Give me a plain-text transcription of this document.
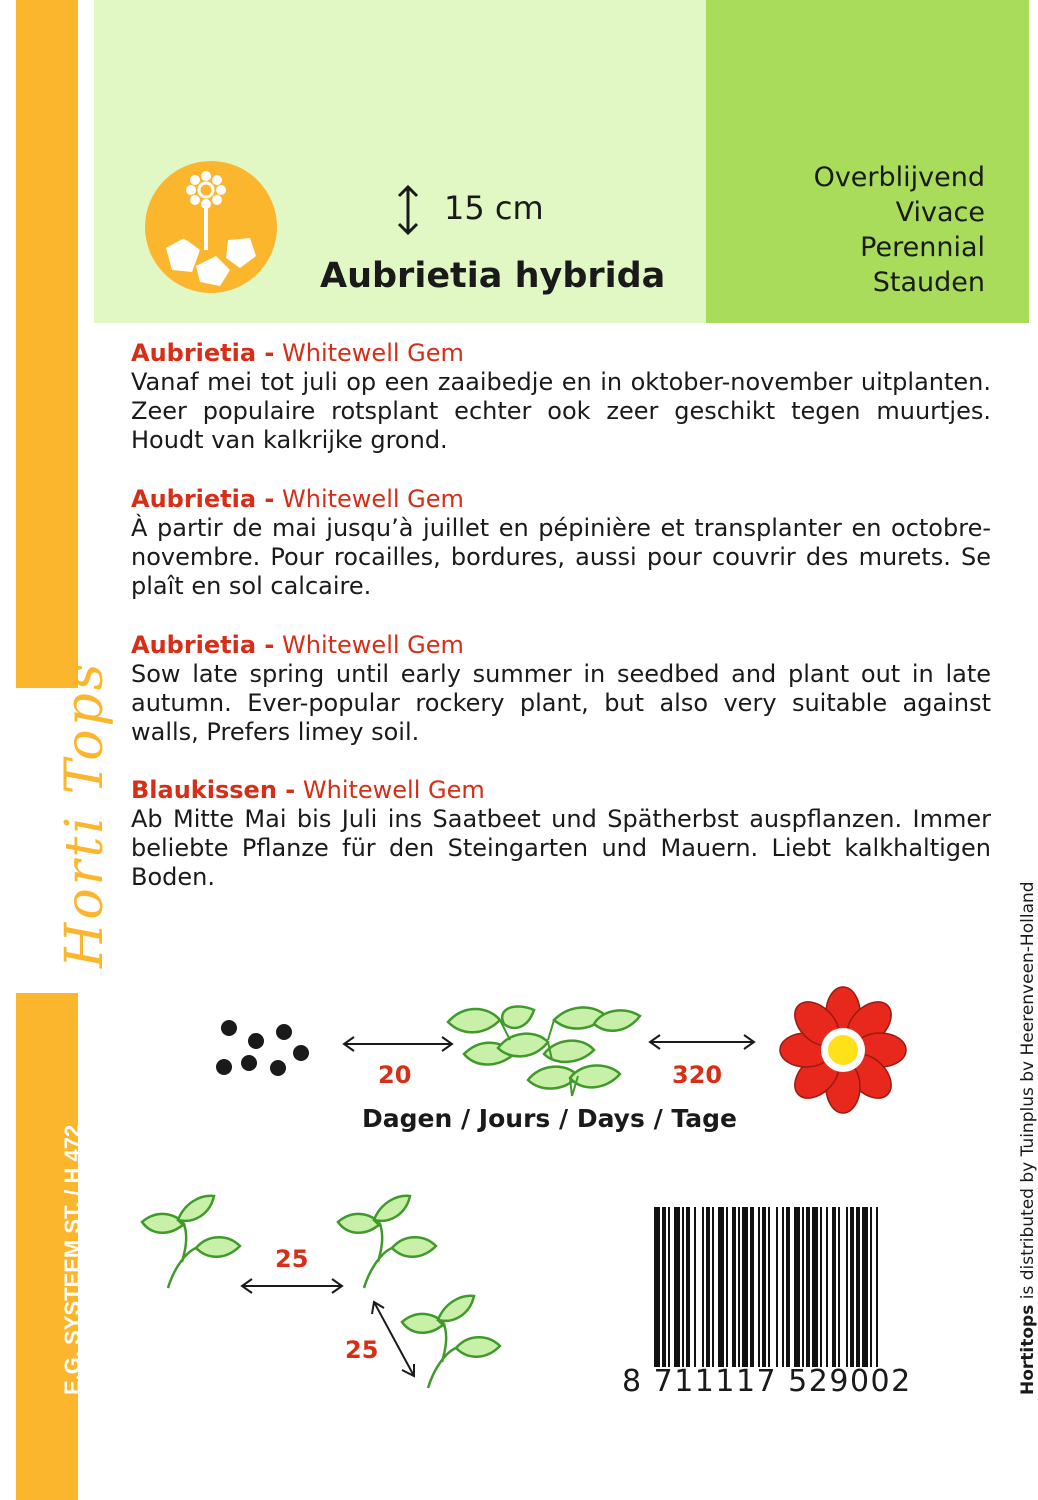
Horti Tops
E.G. SYSTEEM ST. / H 472
Overblijvend
Vivace
Perennial
Stauden
15 cm
Aubrietia hybrida
Aubrietia - Whitewell Gem
Vanaf mei tot juli op een zaaibedje en in oktober-november uitplanten. Zeer populaire rotsplant echter ook zeer geschikt tegen muurtjes. Houdt van kalkrijke grond.
Aubrietia - Whitewell Gem
À partir de mai jusqu’à juillet en pépinière et transplanter en octobre-novembre. Pour rocailles, bordures, aussi pour couvrir des murets. Se plaît en sol calcaire.
Aubrietia - Whitewell Gem
Sow late spring until early summer in seedbed and plant out in late autumn. Ever-popular rockery plant, but also very suitable against walls, Prefers limey soil.
Blaukissen - Whitewell Gem
Ab Mitte Mai bis Juli ins Saatbeet und Spätherbst auspflanzen. Immer beliebte Pflanze für den Steingarten und Mauern. Liebt kalkhaltigen Boden.
20	320
Dagen / Jours / Days / Tage
25
25
8 711117 529002	Hortitops is distributed by Tuinplus bv Heerenveen-Holland
